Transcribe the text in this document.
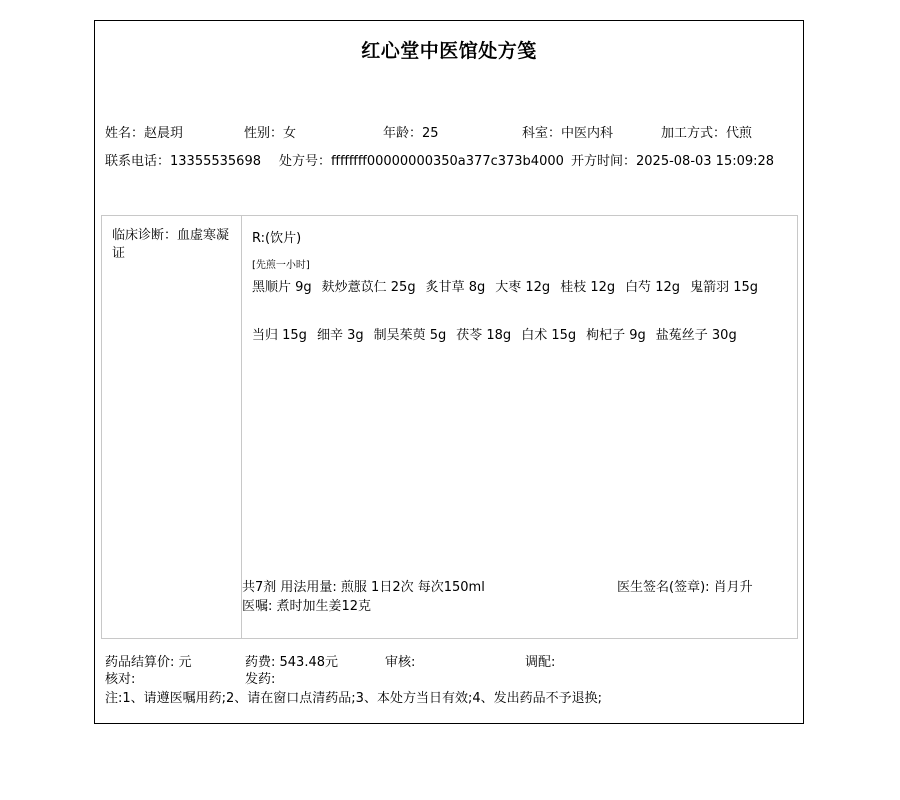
红心堂中医馆处方笺
姓名：赵晨玥	性别：女	年龄：25	科室：中医内科	加工方式：代煎
联系电话：13355535698 处方号：ffffffff00000000350a377c373b4000 开方时间：2025-08-03 15:09:28
临床诊断：血虚寒凝证
R:(饮片)
[先煎一小时]
黑顺片 9g 麸炒薏苡仁 25g 炙甘草 8g 大枣 12g 桂枝 12g 白芍 12g 鬼箭羽 15g
当归 15g 细辛 3g 制吴茱萸 5g 茯苓 18g 白术 15g 枸杞子 9g 盐菟丝子 30g
共7剂 用法用量: 煎服 1日2次 每次150ml
医嘱: 煮时加生姜12克
医生签名(签章): 肖月升
药品结算价: 元	药费: 543.48元	审核:	调配:
核对:	发药:
注:1、请遵医嘱用药;2、请在窗口点清药品;3、本处方当日有效;4、发出药品不予退换;
